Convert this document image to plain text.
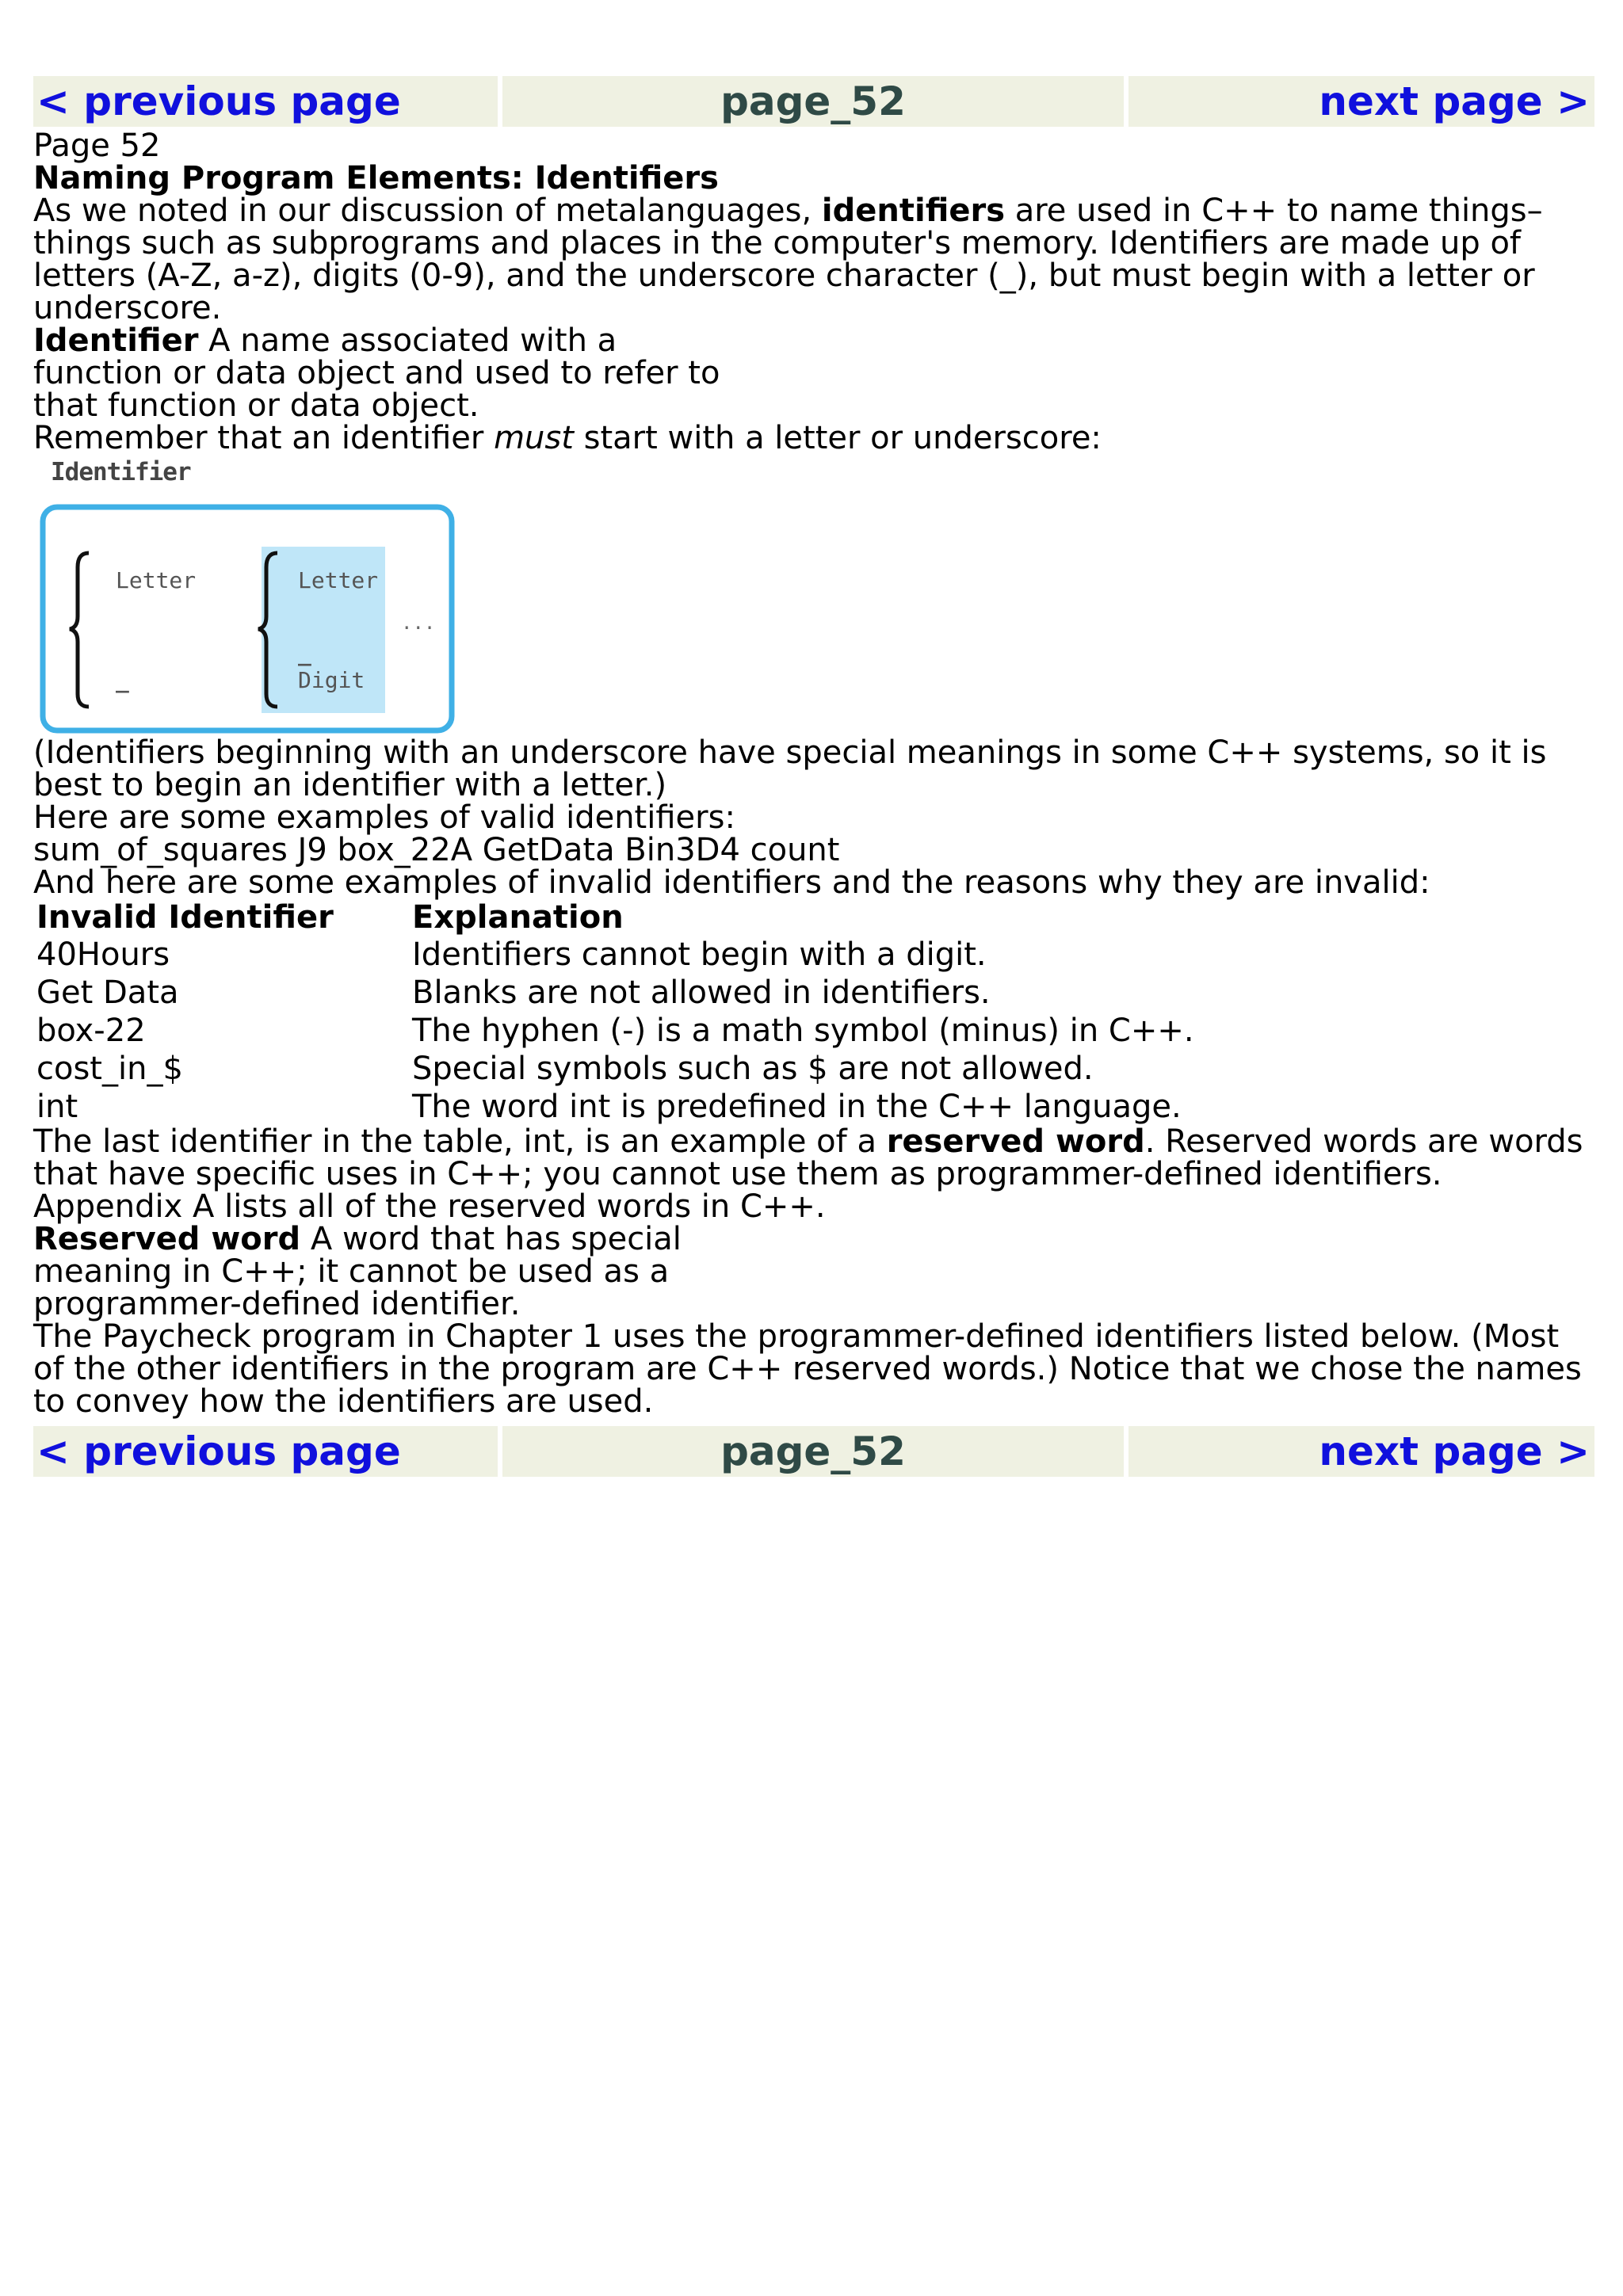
< previous page	page_52	next page >

Page 52

Naming Program Elements: Identifiers

As we noted in our discussion of metalanguages, identifiers are used in C++ to name things–things such as subprograms and places in the computer's memory. Identifiers are made up of letters (A-Z, a-z), digits (0-9), and the underscore character (_), but must begin with a letter or underscore.

Identifier A name associated with a function or data object and used to refer to that function or data object.

Remember that an identifier must start with a letter or underscore:

Identifier
Letter
_
Letter
_
Digit
...

(Identifiers beginning with an underscore have special meanings in some C++ systems, so it is best to begin an identifier with a letter.)

Here are some examples of valid identifiers:

sum_of_squares J9 box_22A GetData Bin3D4 count

And here are some examples of invalid identifiers and the reasons why they are invalid:

Invalid Identifier	Explanation
40Hours	Identifiers cannot begin with a digit.
Get Data	Blanks are not allowed in identifiers.
box-22	The hyphen (-) is a math symbol (minus) in C++.
cost_in_$	Special symbols such as $ are not allowed.
int	The word int is predefined in the C++ language.

The last identifier in the table, int, is an example of a reserved word. Reserved words are words that have specific uses in C++; you cannot use them as programmer-defined identifiers. Appendix A lists all of the reserved words in C++.

Reserved word A word that has special meaning in C++; it cannot be used as a programmer-defined identifier.

The Paycheck program in Chapter 1 uses the programmer-defined identifiers listed below. (Most of the other identifiers in the program are C++ reserved words.) Notice that we chose the names to convey how the identifiers are used.

< previous page	page_52	next page >
